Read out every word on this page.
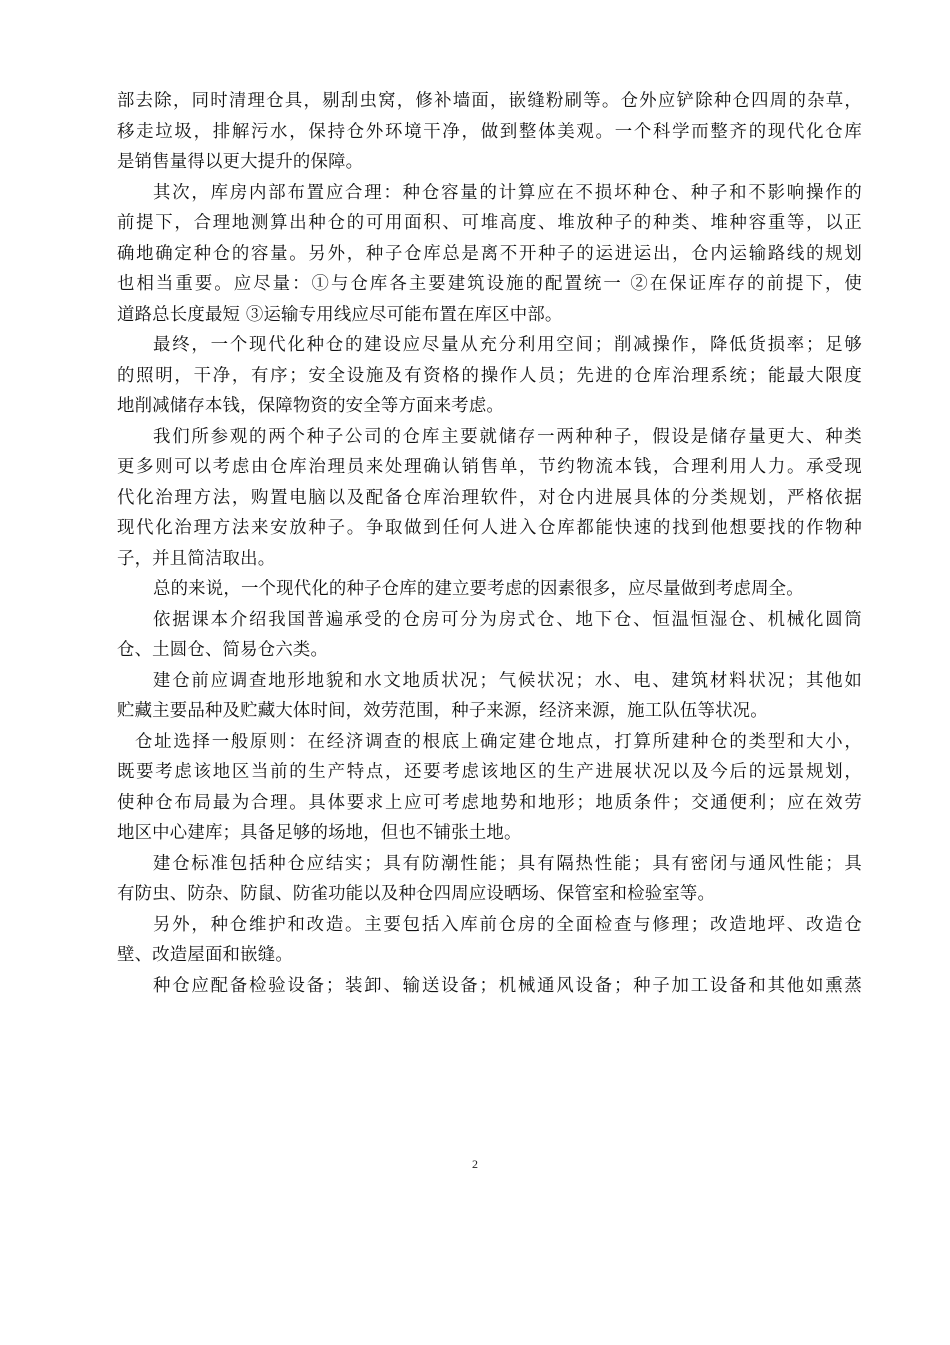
部去除，同时清理仓具，剔刮虫窝，修补墙面，嵌缝粉刷等。仓外应铲除种仓四周的杂草，
移走垃圾，排解污水，保持仓外环境干净，做到整体美观。一个科学而整齐的现代化仓库
是销售量得以更大提升的保障。
其次，库房内部布置应合理：种仓容量的计算应在不损坏种仓、种子和不影响操作的
前提下，合理地测算出种仓的可用面积、可堆高度、堆放种子的种类、堆种容重等，以正
确地确定种仓的容量。另外，种子仓库总是离不开种子的运进运出，仓内运输路线的规划
也相当重要。应尽量：①与仓库各主要建筑设施的配置统一 ②在保证库存的前提下，使
道路总长度最短 ③运输专用线应尽可能布置在库区中部。
最终，一个现代化种仓的建设应尽量从充分利用空间；削减操作，降低货损率；足够
的照明，干净，有序；安全设施及有资格的操作人员；先进的仓库治理系统；能最大限度
地削减储存本钱，保障物资的安全等方面来考虑。
我们所参观的两个种子公司的仓库主要就储存一两种种子，假设是储存量更大、种类
更多则可以考虑由仓库治理员来处理确认销售单，节约物流本钱，合理利用人力。承受现
代化治理方法，购置电脑以及配备仓库治理软件，对仓内进展具体的分类规划，严格依据
现代化治理方法来安放种子。争取做到任何人进入仓库都能快速的找到他想要找的作物种
子，并且简洁取出。
总的来说，一个现代化的种子仓库的建立要考虑的因素很多，应尽量做到考虑周全。
依据课本介绍我国普遍承受的仓房可分为房式仓、地下仓、恒温恒湿仓、机械化圆筒
仓、土圆仓、简易仓六类。
建仓前应调查地形地貌和水文地质状况；气候状况；水、电、建筑材料状况；其他如
贮藏主要品种及贮藏大体时间，效劳范围，种子来源，经济来源，施工队伍等状况。
仓址选择一般原则：在经济调查的根底上确定建仓地点，打算所建种仓的类型和大小，
既要考虑该地区当前的生产特点，还要考虑该地区的生产进展状况以及今后的远景规划，
使种仓布局最为合理。具体要求上应可考虑地势和地形；地质条件；交通便利；应在效劳
地区中心建库；具备足够的场地，但也不铺张土地。
建仓标准包括种仓应结实；具有防潮性能；具有隔热性能；具有密闭与通风性能；具
有防虫、防杂、防鼠、防雀功能以及种仓四周应设晒场、保管室和检验室等。
另外，种仓维护和改造。主要包括入库前仓房的全面检查与修理；改造地坪、改造仓
壁、改造屋面和嵌缝。
种仓应配备检验设备；装卸、输送设备；机械通风设备；种子加工设备和其他如熏蒸
2
